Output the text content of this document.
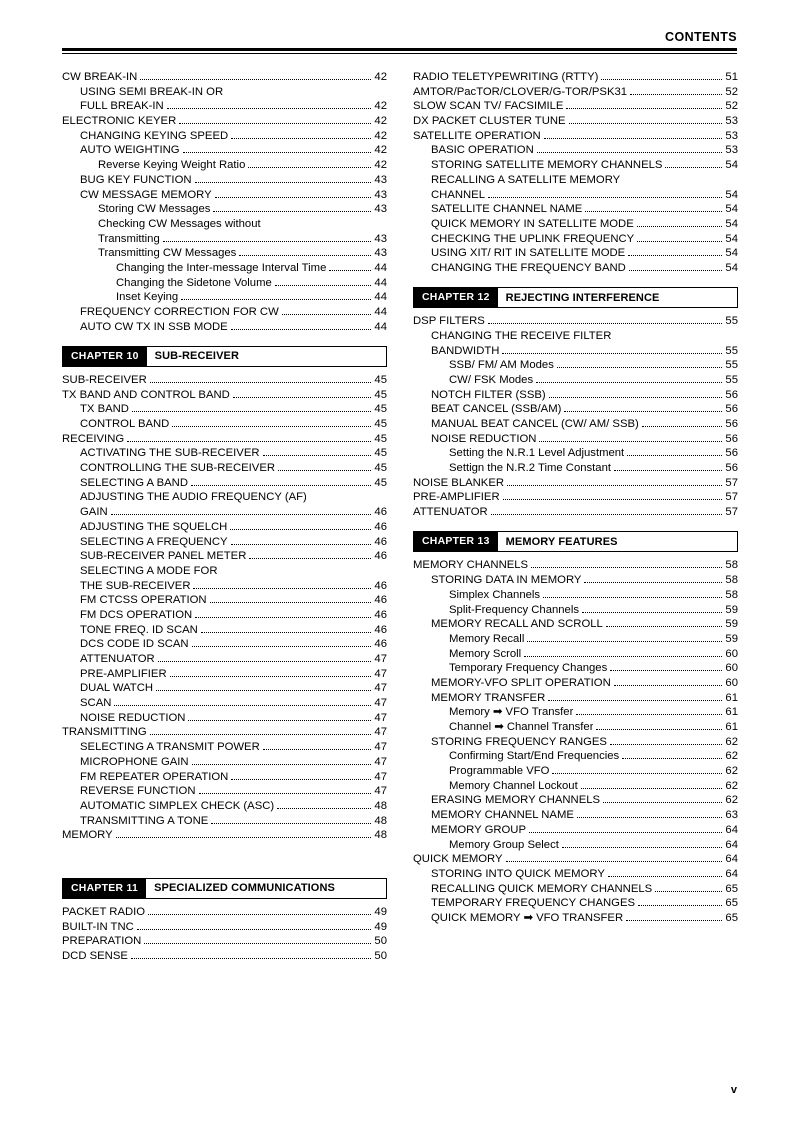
CONTENTS
CW BREAK-IN	42
USING SEMI BREAK-IN OR
FULL BREAK-IN	42
ELECTRONIC KEYER	42
CHANGING KEYING SPEED	42
AUTO WEIGHTING	42
Reverse Keying Weight Ratio	42
BUG KEY FUNCTION	43
CW MESSAGE MEMORY	43
Storing CW Messages	43
Checking CW Messages without
Transmitting	43
Transmitting CW Messages	43
Changing the Inter-message Interval Time	44
Changing the Sidetone Volume	44
Inset Keying	44
FREQUENCY CORRECTION FOR CW	44
AUTO CW TX IN SSB MODE	44
CHAPTER 10	SUB-RECEIVER
SUB-RECEIVER	45
TX BAND AND CONTROL BAND	45
TX BAND	45
CONTROL BAND	45
RECEIVING	45
ACTIVATING THE SUB-RECEIVER	45
CONTROLLING THE SUB-RECEIVER	45
SELECTING A BAND	45
ADJUSTING THE AUDIO FREQUENCY (AF)
GAIN	46
ADJUSTING THE SQUELCH	46
SELECTING A FREQUENCY	46
SUB-RECEIVER PANEL METER	46
SELECTING A MODE FOR
THE SUB-RECEIVER	46
FM CTCSS OPERATION	46
FM DCS OPERATION	46
TONE FREQ. ID SCAN	46
DCS CODE ID SCAN	46
ATTENUATOR	47
PRE-AMPLIFIER	47
DUAL WATCH	47
SCAN	47
NOISE REDUCTION	47
TRANSMITTING	47
SELECTING A TRANSMIT POWER	47
MICROPHONE GAIN	47
FM REPEATER OPERATION	47
REVERSE FUNCTION	47
AUTOMATIC SIMPLEX CHECK (ASC)	48
TRANSMITTING A TONE	48
MEMORY	48
CHAPTER 11	SPECIALIZED COMMUNICATIONS
PACKET RADIO	49
BUILT-IN TNC	49
PREPARATION	50
DCD SENSE	50
RADIO TELETYPEWRITING (RTTY)	51
AMTOR/PacTOR/CLOVER/G-TOR/PSK31	52
SLOW SCAN TV/ FACSIMILE	52
DX PACKET CLUSTER TUNE	53
SATELLITE OPERATION	53
BASIC OPERATION	53
STORING SATELLITE MEMORY CHANNELS	54
RECALLING A SATELLITE MEMORY
CHANNEL	54
SATELLITE CHANNEL NAME	54
QUICK MEMORY IN SATELLITE MODE	54
CHECKING THE UPLINK FREQUENCY	54
USING XIT/ RIT IN SATELLITE MODE	54
CHANGING THE FREQUENCY BAND	54
CHAPTER 12	REJECTING INTERFERENCE
DSP FILTERS	55
CHANGING THE RECEIVE FILTER
BANDWIDTH	55
SSB/ FM/ AM Modes	55
CW/ FSK Modes	55
NOTCH FILTER (SSB)	56
BEAT CANCEL (SSB/AM)	56
MANUAL BEAT CANCEL (CW/ AM/ SSB)	56
NOISE REDUCTION	56
Setting the N.R.1 Level Adjustment	56
Settign the N.R.2 Time Constant	56
NOISE BLANKER	57
PRE-AMPLIFIER	57
ATTENUATOR	57
CHAPTER 13	MEMORY FEATURES
MEMORY CHANNELS	58
STORING DATA IN MEMORY	58
Simplex Channels	58
Split-Frequency Channels	59
MEMORY RECALL AND SCROLL	59
Memory Recall	59
Memory Scroll	60
Temporary Frequency Changes	60
MEMORY-VFO SPLIT OPERATION	60
MEMORY TRANSFER	61
Memory ➡ VFO Transfer	61
Channel ➡ Channel Transfer	61
STORING FREQUENCY RANGES	62
Confirming Start/End Frequencies	62
Programmable VFO	62
Memory Channel Lockout	62
ERASING MEMORY CHANNELS	62
MEMORY CHANNEL NAME	63
MEMORY GROUP	64
Memory Group Select	64
QUICK MEMORY	64
STORING INTO QUICK MEMORY	64
RECALLING QUICK MEMORY CHANNELS	65
TEMPORARY FREQUENCY CHANGES	65
QUICK MEMORY ➡ VFO TRANSFER	65
v
